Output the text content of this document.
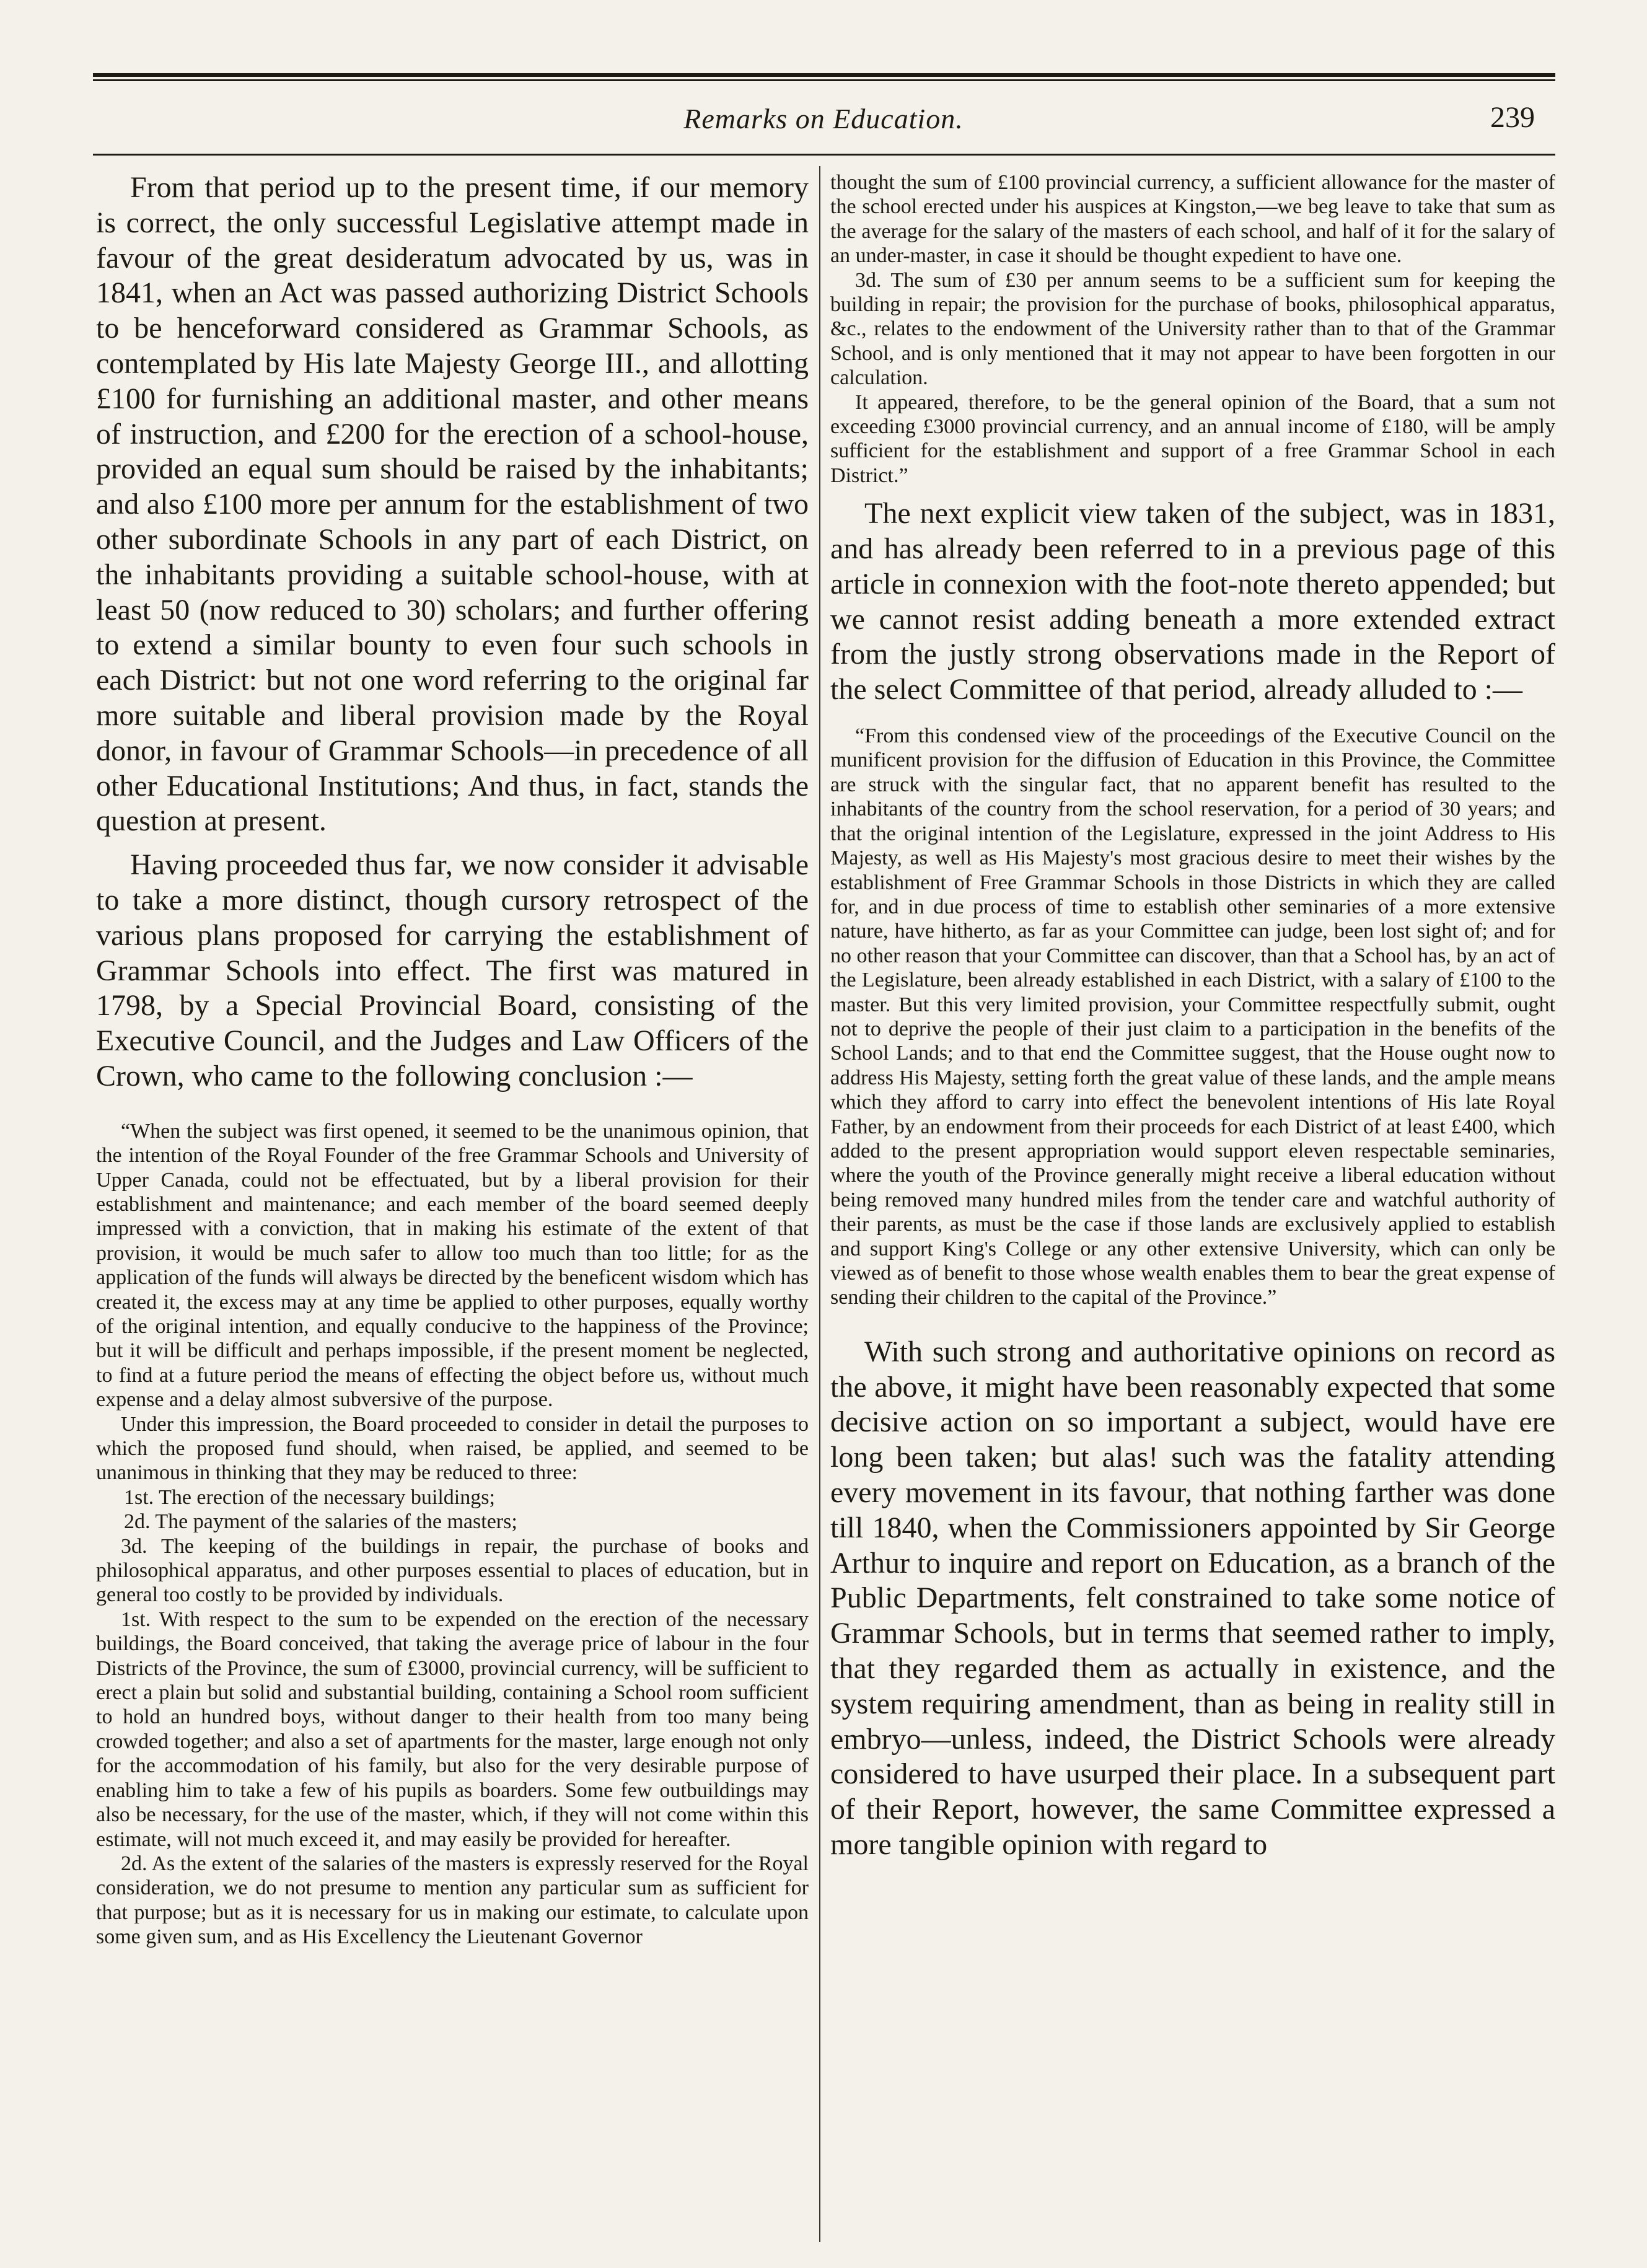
Remarks on Education.	239

From that period up to the present time, if our memory is correct, the only successful Legislative attempt made in favour of the great desideratum advocated by us, was in 1841, when an Act was passed authorizing District Schools to be henceforward considered as Grammar Schools, as contemplated by His late Majesty George III., and allotting £100 for furnishing an additional master, and other means of instruction, and £200 for the erection of a school-house, provided an equal sum should be raised by the inhabitants; and also £100 more per annum for the establishment of two other subordinate Schools in any part of each District, on the inhabitants providing a suitable school-house, with at least 50 (now reduced to 30) scholars; and further offering to extend a similar bounty to even four such schools in each District: but not one word referring to the original far more suitable and liberal provision made by the Royal donor, in favour of Grammar Schools—in precedence of all other Educational Institutions; And thus, in fact, stands the question at present.

Having proceeded thus far, we now consider it advisable to take a more distinct, though cursory retrospect of the various plans proposed for carrying the establishment of Grammar Schools into effect. The first was matured in 1798, by a Special Provincial Board, consisting of the Executive Council, and the Judges and Law Officers of the Crown, who came to the following conclusion :—

“When the subject was first opened, it seemed to be the unanimous opinion, that the intention of the Royal Founder of the free Grammar Schools and University of Upper Canada, could not be effectuated, but by a liberal provision for their establishment and maintenance; and each member of the board seemed deeply impressed with a conviction, that in making his estimate of the extent of that provision, it would be much safer to allow too much than too little; for as the application of the funds will always be directed by the beneficent wisdom which has created it, the excess may at any time be applied to other purposes, equally worthy of the original intention, and equally conducive to the happiness of the Province; but it will be difficult and perhaps impossible, if the present moment be neglected, to find at a future period the means of effecting the object before us, without much expense and a delay almost subversive of the purpose.

Under this impression, the Board proceeded to consider in detail the purposes to which the proposed fund should, when raised, be applied, and seemed to be unanimous in thinking that they may be reduced to three:

1st. The erection of the necessary buildings;

2d. The payment of the salaries of the masters;

3d. The keeping of the buildings in repair, the purchase of books and philosophical apparatus, and other purposes essential to places of education, but in general too costly to be provided by individuals.

1st. With respect to the sum to be expended on the erection of the necessary buildings, the Board conceived, that taking the average price of labour in the four Districts of the Province, the sum of £3000, provincial currency, will be sufficient to erect a plain but solid and substantial building, containing a School room sufficient to hold an hundred boys, without danger to their health from too many being crowded together; and also a set of apartments for the master, large enough not only for the accommodation of his family, but also for the very desirable purpose of enabling him to take a few of his pupils as boarders. Some few outbuildings may also be necessary, for the use of the master, which, if they will not come within this estimate, will not much exceed it, and may easily be provided for hereafter.

2d. As the extent of the salaries of the masters is expressly reserved for the Royal consideration, we do not presume to mention any particular sum as sufficient for that purpose; but as it is necessary for us in making our estimate, to calculate upon some given sum, and as His Excellency the Lieutenant Governor

thought the sum of £100 provincial currency, a sufficient allowance for the master of the school erected under his auspices at Kingston,—we beg leave to take that sum as the average for the salary of the masters of each school, and half of it for the salary of an under-master, in case it should be thought expedient to have one.

3d. The sum of £30 per annum seems to be a sufficient sum for keeping the building in repair; the provision for the purchase of books, philosophical apparatus, &c., relates to the endowment of the University rather than to that of the Grammar School, and is only mentioned that it may not appear to have been forgotten in our calculation.

It appeared, therefore, to be the general opinion of the Board, that a sum not exceeding £3000 provincial currency, and an annual income of £180, will be amply sufficient for the establishment and support of a free Grammar School in each District.”

The next explicit view taken of the subject, was in 1831, and has already been referred to in a previous page of this article in connexion with the foot-note thereto appended; but we cannot resist adding beneath a more extended extract from the justly strong observations made in the Report of the select Committee of that period, already alluded to :—

“From this condensed view of the proceedings of the Executive Council on the munificent provision for the diffusion of Education in this Province, the Committee are struck with the singular fact, that no apparent benefit has resulted to the inhabitants of the country from the school reservation, for a period of 30 years; and that the original intention of the Legislature, expressed in the joint Address to His Majesty, as well as His Majesty's most gracious desire to meet their wishes by the establishment of Free Grammar Schools in those Districts in which they are called for, and in due process of time to establish other seminaries of a more extensive nature, have hitherto, as far as your Committee can judge, been lost sight of; and for no other reason that your Committee can discover, than that a School has, by an act of the Legislature, been already established in each District, with a salary of £100 to the master. But this very limited provision, your Committee respectfully submit, ought not to deprive the people of their just claim to a participation in the benefits of the School Lands; and to that end the Committee suggest, that the House ought now to address His Majesty, setting forth the great value of these lands, and the ample means which they afford to carry into effect the benevolent intentions of His late Royal Father, by an endowment from their proceeds for each District of at least £400, which added to the present appropriation would support eleven respectable seminaries, where the youth of the Province generally might receive a liberal education without being removed many hundred miles from the tender care and watchful authority of their parents, as must be the case if those lands are exclusively applied to establish and support King's College or any other extensive University, which can only be viewed as of benefit to those whose wealth enables them to bear the great expense of sending their children to the capital of the Province.”

With such strong and authoritative opinions on record as the above, it might have been reasonably expected that some decisive action on so important a subject, would have ere long been taken; but alas! such was the fatality attending every movement in its favour, that nothing farther was done till 1840, when the Commissioners appointed by Sir George Arthur to inquire and report on Education, as a branch of the Public Departments, felt constrained to take some notice of Grammar Schools, but in terms that seemed rather to imply, that they regarded them as actually in existence, and the system requiring amendment, than as being in reality still in embryo—unless, indeed, the District Schools were already considered to have usurped their place. In a subsequent part of their Report, however, the same Committee expressed a more tangible opinion with regard to
